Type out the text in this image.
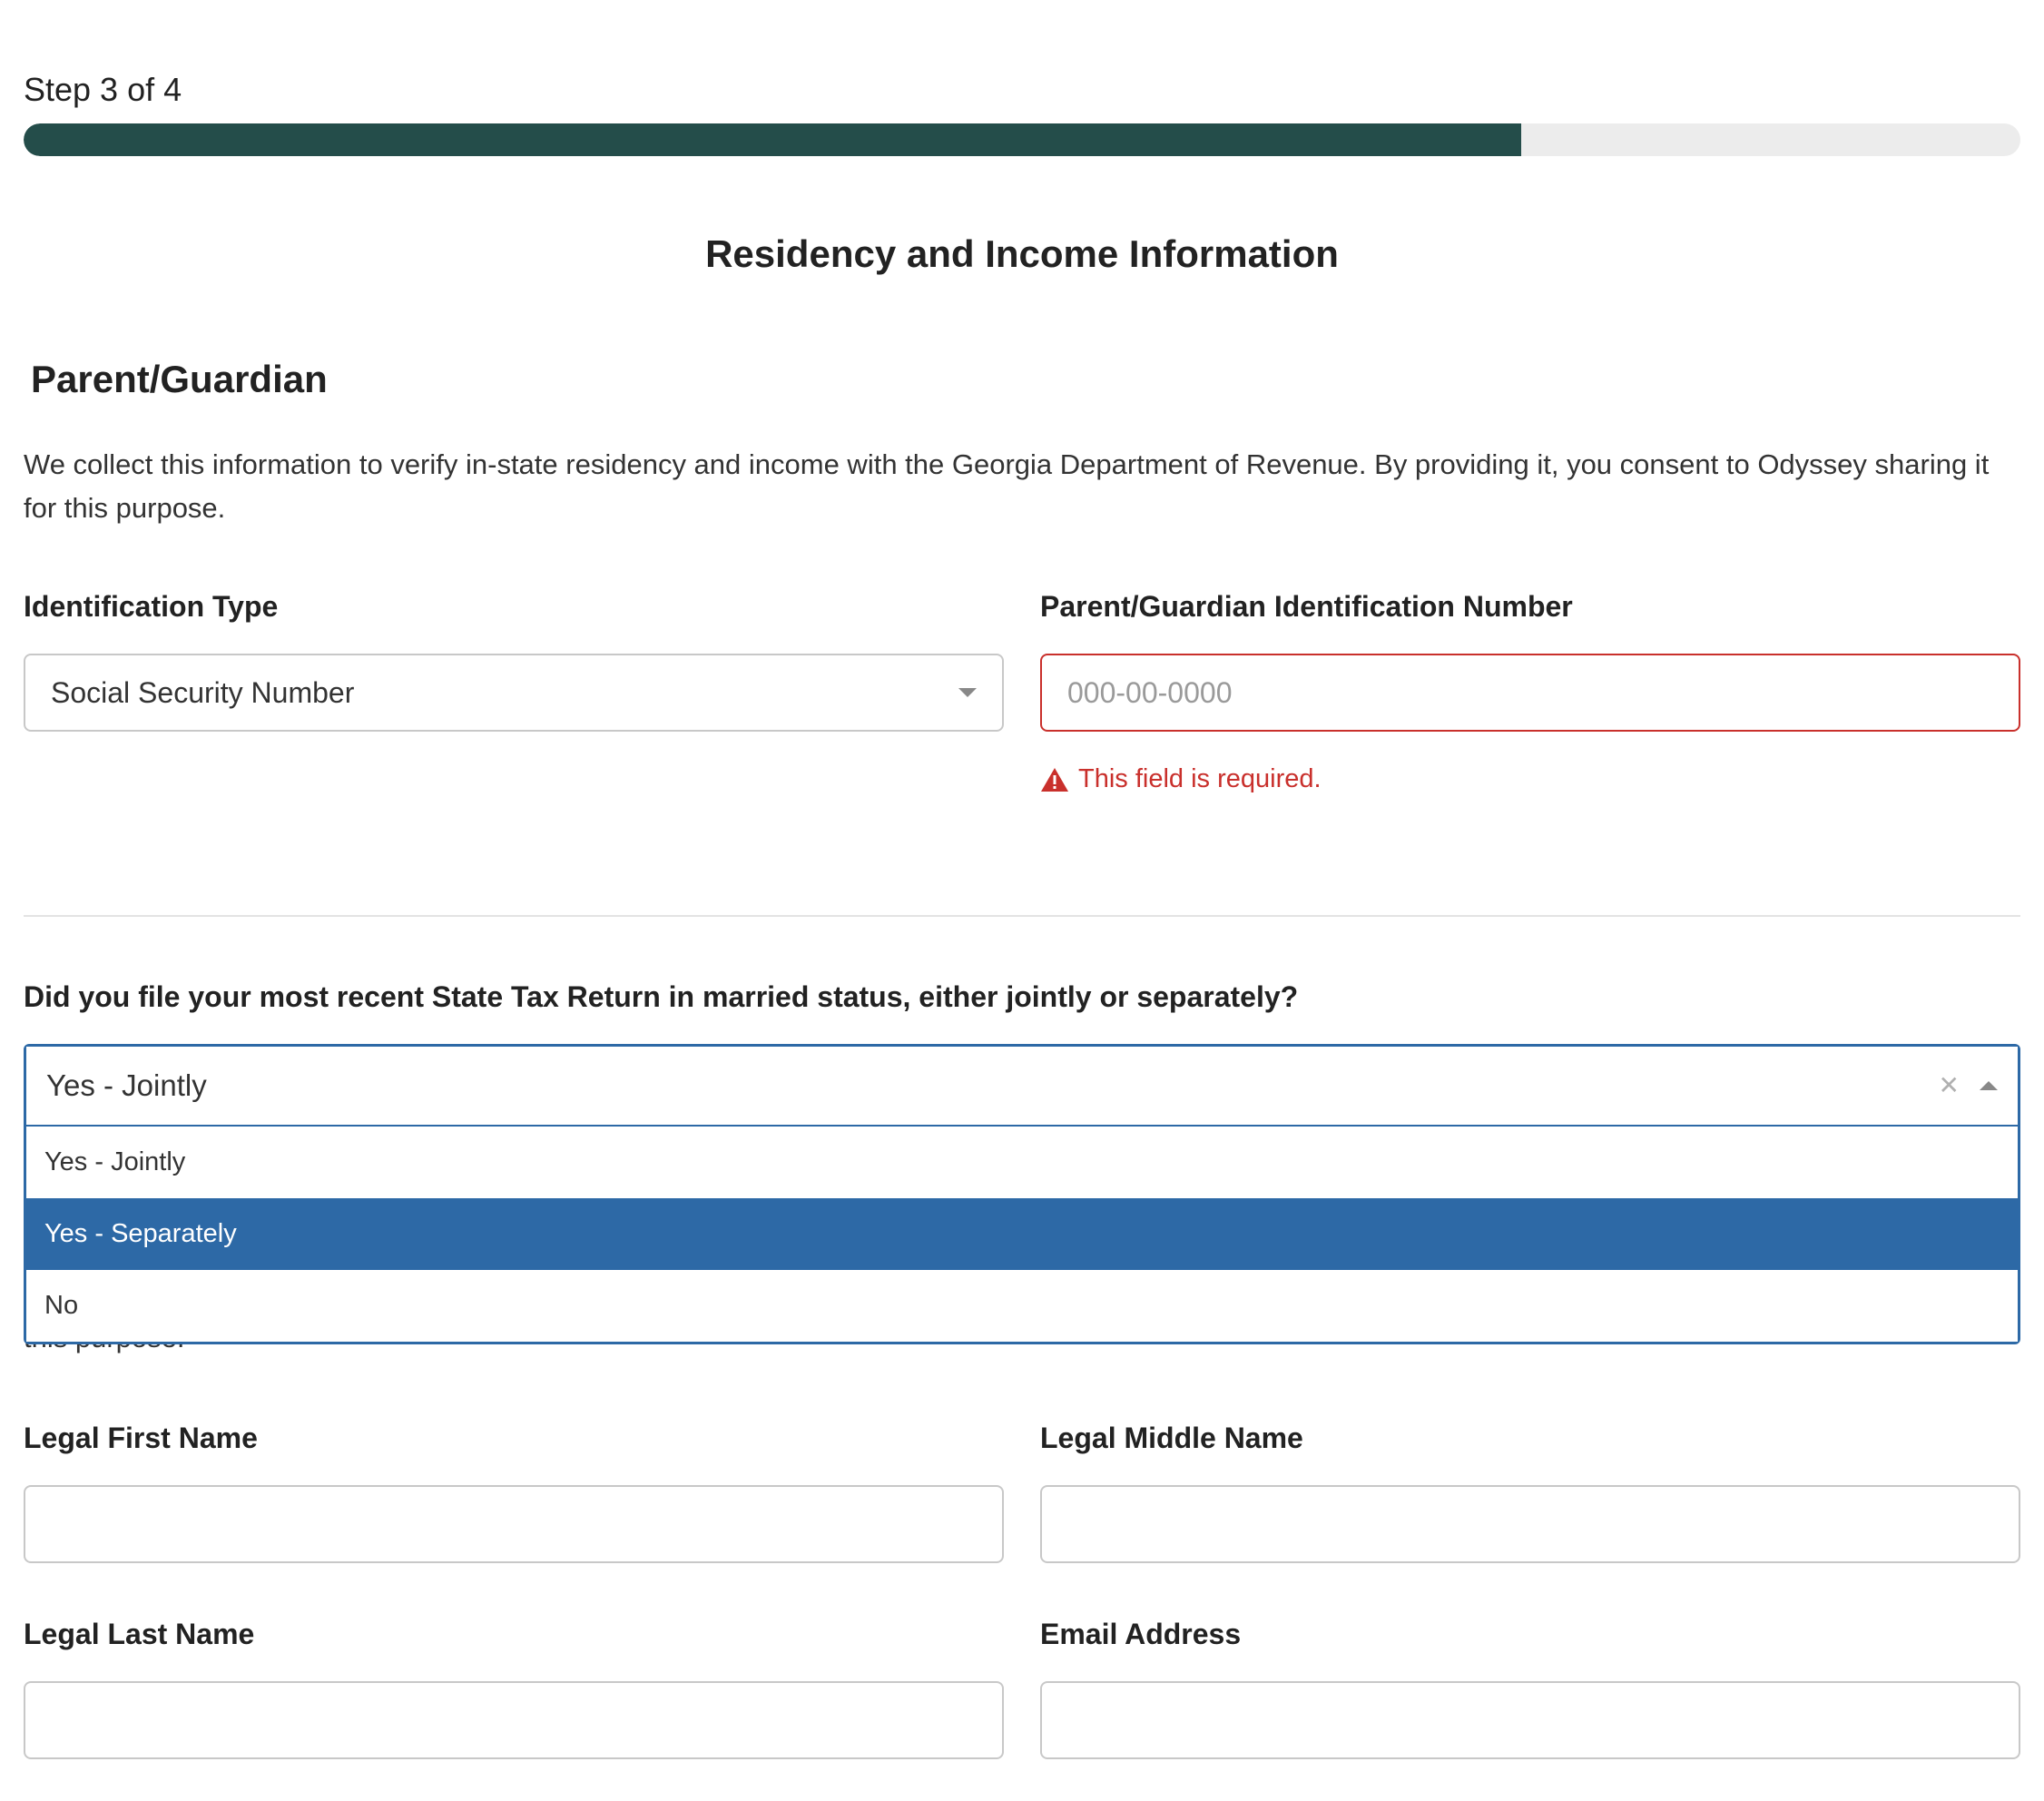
Step 3 of 4
Residency and Income Information
Parent/Guardian
We collect this information to verify in-state residency and income with the Georgia Department of Revenue. By providing it, you consent to Odyssey sharing it for this purpose.
Identification Type
Social Security Number
Parent/Guardian Identification Number
000-00-0000
This field is required.
Did you file your most recent State Tax Return in married status, either jointly or separately?
Yes - Jointly	✕
Yes - Jointly
Yes - Separately
No
Legal First Name	Legal Middle Name
Legal Last Name	Email Address
